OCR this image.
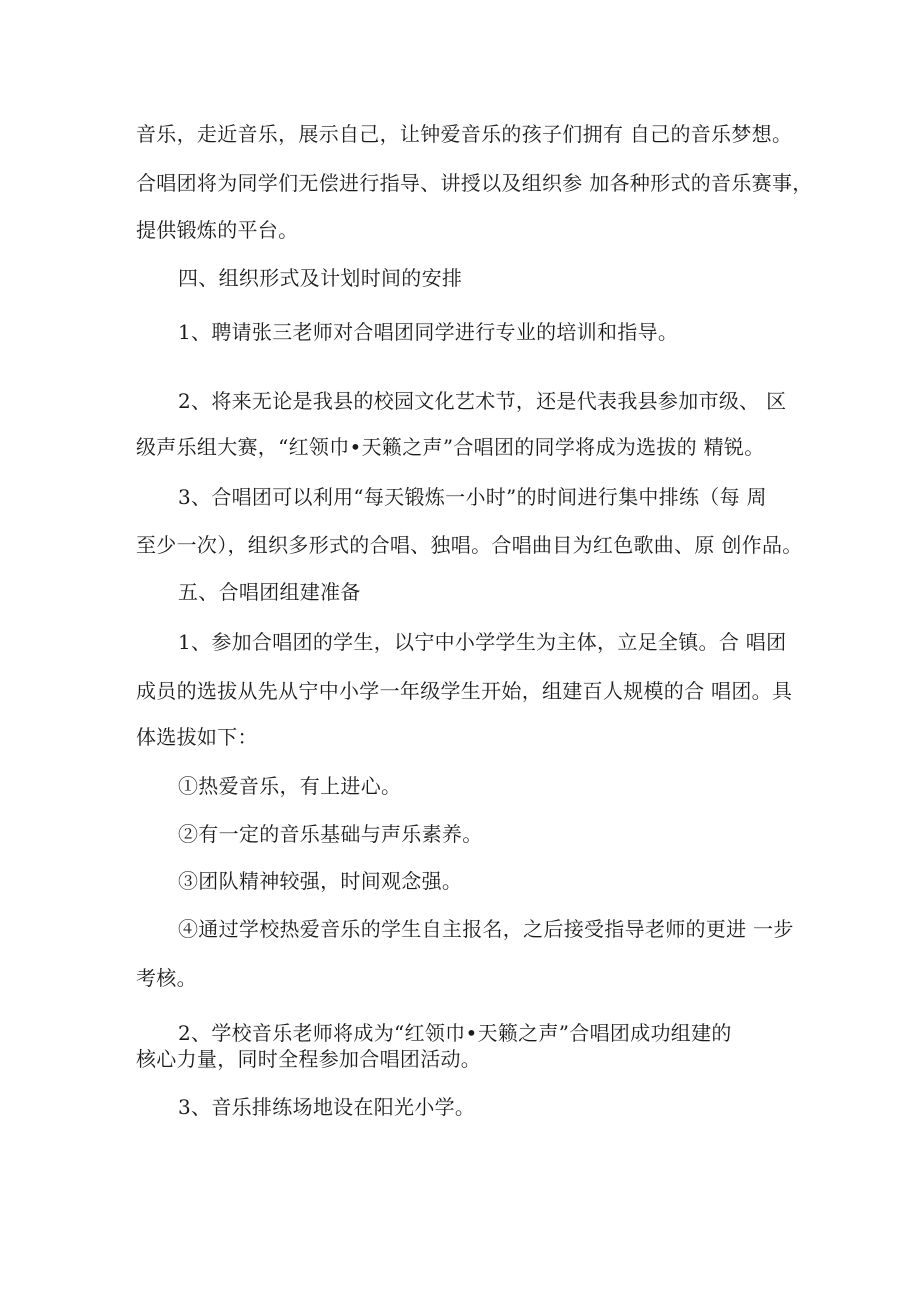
音乐，走近音乐，展示自己，让钟爱音乐的孩子们拥有 自己的音乐梦想。
合唱团将为同学们无偿进行指导、讲授以及组织参 加各种形式的音乐赛事，
提供锻炼的平台。
四、组织形式及计划时间的安排
1、聘请张三老师对合唱团同学进行专业的培训和指导。
2、将来无论是我县的校园文化艺术节，还是代表我县参加市级、 区
级声乐组大赛，“红领巾•天籁之声”合唱团的同学将成为选拔的 精锐。
3、合唱团可以利用“每天锻炼一小时”的时间进行集中排练（每 周
至少一次），组织多形式的合唱、独唱。合唱曲目为红色歌曲、原 创作品。
五、合唱团组建准备
1、参加合唱团的学生，以宁中小学学生为主体，立足全镇。合 唱团
成员的选拔从先从宁中小学一年级学生开始，组建百人规模的合 唱团。具
体选拔如下：
①热爱音乐，有上进心。
②有一定的音乐基础与声乐素养。
③团队精神较强，时间观念强。
④通过学校热爱音乐的学生自主报名，之后接受指导老师的更进 一步
考核。
2、学校音乐老师将成为“红领巾•天籁之声”合唱团成功组建的
核心力量，同时全程参加合唱团活动。
3、音乐排练场地设在阳光小学。
